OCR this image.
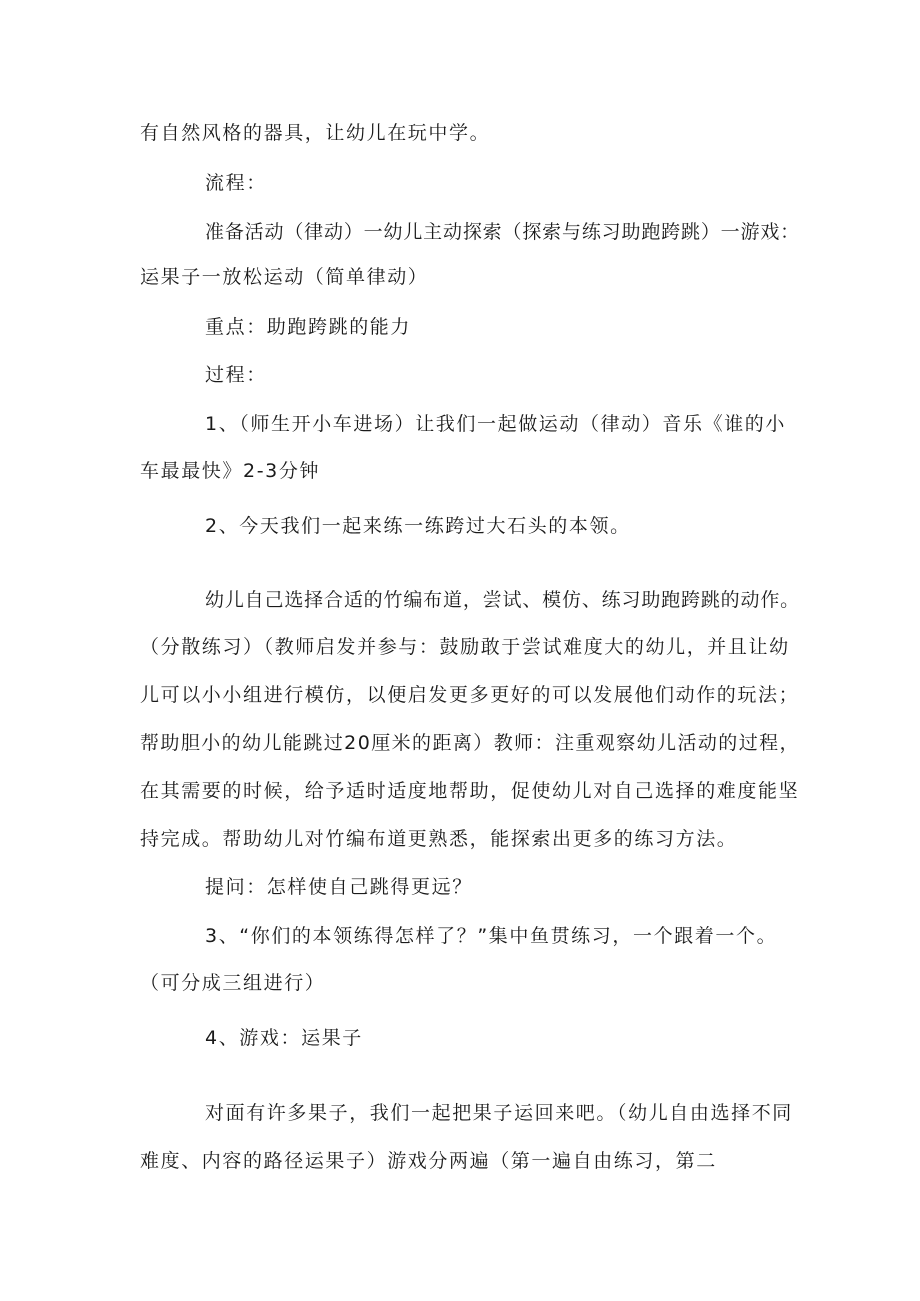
有自然风格的器具，让幼儿在玩中学。
流程：
准备活动（律动）一幼儿主动探索（探索与练习助跑跨跳）一游戏：
运果子一放松运动（简单律动）
重点：助跑跨跳的能力
过程：
1、（师生开小车进场）让我们一起做运动（律动）音乐《谁的小
车最最快》2-3分钟
2、今天我们一起来练一练跨过大石头的本领。
幼儿自己选择合适的竹编布道，尝试、模仿、练习助跑跨跳的动作。
（分散练习）（教师启发并参与：鼓励敢于尝试难度大的幼儿，并且让幼
儿可以小小组进行模仿，以便启发更多更好的可以发展他们动作的玩法；
帮助胆小的幼儿能跳过20厘米的距离）教师：注重观察幼儿活动的过程，
在其需要的时候，给予适时适度地帮助，促使幼儿对自己选择的难度能坚
持完成。帮助幼儿对竹编布道更熟悉，能探索出更多的练习方法。
提问：怎样使自己跳得更远？
3、“你们的本领练得怎样了？”集中鱼贯练习，一个跟着一个。
（可分成三组进行）
4、游戏：运果子
对面有许多果子，我们一起把果子运回来吧。（幼儿自由选择不同
难度、内容的路径运果子）游戏分两遍（第一遍自由练习，第二
